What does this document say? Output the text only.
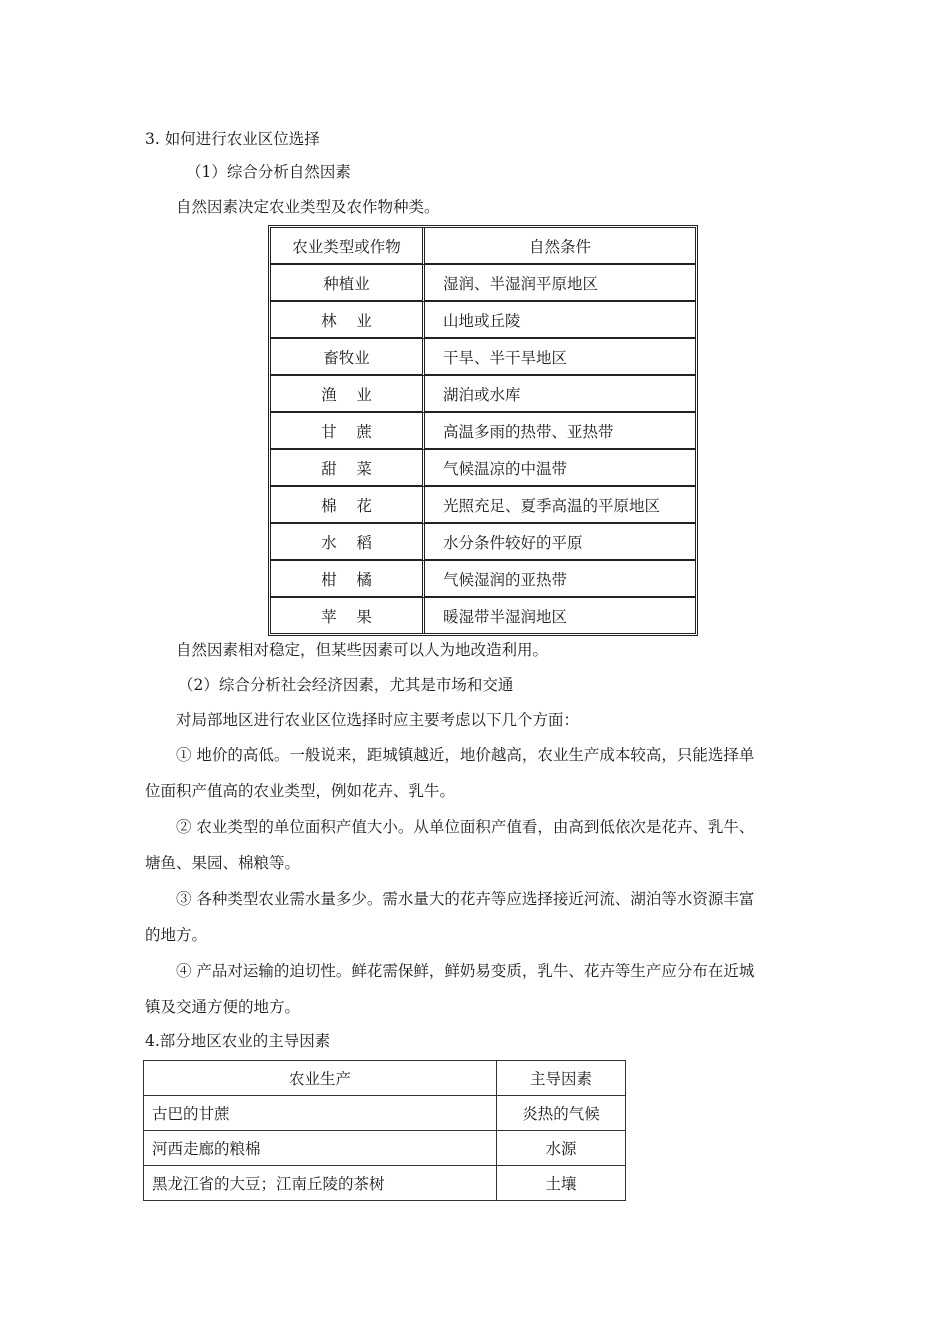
3. 如何进行农业区位选择
（1）综合分析自然因素
自然因素决定农业类型及农作物种类。
农业类型或作物	自然条件
种植业	湿润、半湿润平原地区
林    业	山地或丘陵
畜牧业	干旱、半干旱地区
渔    业	湖泊或水库
甘    蔗	高温多雨的热带、亚热带
甜    菜	气候温凉的中温带
棉    花	光照充足、夏季高温的平原地区
水    稻	水分条件较好的平原
柑    橘	气候湿润的亚热带
苹    果	暖湿带半湿润地区
自然因素相对稳定，但某些因素可以人为地改造利用。
（2）综合分析社会经济因素，尤其是市场和交通
对局部地区进行农业区位选择时应主要考虑以下几个方面：
① 地价的高低。一般说来，距城镇越近，地价越高，农业生产成本较高，只能选择单
位面积产值高的农业类型，例如花卉、乳牛。
② 农业类型的单位面积产值大小。从单位面积产值看，由高到低依次是花卉、乳牛、
塘鱼、果园、棉粮等。
③ 各种类型农业需水量多少。需水量大的花卉等应选择接近河流、湖泊等水资源丰富
的地方。
④ 产品对运输的迫切性。鲜花需保鲜，鲜奶易变质，乳牛、花卉等生产应分布在近城
镇及交通方便的地方。
4.部分地区农业的主导因素
农业生产	主导因素
古巴的甘蔗	炎热的气候
河西走廊的粮棉	水源
黑龙江省的大豆；江南丘陵的茶树	土壤
